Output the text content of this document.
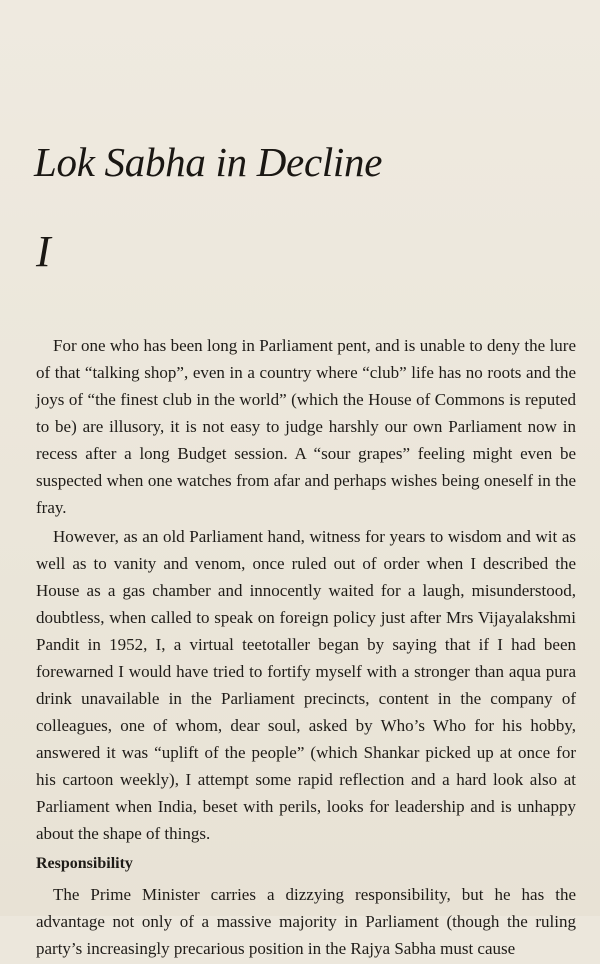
Lok Sabha in Decline
I

For one who has been long in Parliament pent, and is unable to deny the lure of that “talking shop”, even in a country where “club” life has no roots and the joys of “the finest club in the world” (which the House of Commons is reputed to be) are illusory, it is not easy to judge harshly our own Parliament now in recess after a long Budget session. A “sour grapes” feeling might even be suspected when one watches from afar and perhaps wishes being oneself in the fray.

However, as an old Parliament hand, witness for years to wisdom and wit as well as to vanity and venom, once ruled out of order when I described the House as a gas chamber and innocently waited for a laugh, misunderstood, doubtless, when called to speak on foreign policy just after Mrs Vijayalakshmi Pandit in 1952, I, a virtual teetotaller began by saying that if I had been forewarned I would have tried to fortify myself with a stronger than aqua pura drink unavailable in the Parliament precincts, content in the company of colleagues, one of whom, dear soul, asked by Who’s Who for his hobby, answered it was “uplift of the people” (which Shankar picked up at once for his cartoon weekly), I attempt some rapid reflection and a hard look also at Parliament when India, beset with perils, looks for leadership and is unhappy about the shape of things.

Responsibility

The Prime Minister carries a dizzying responsibility, but he has the advantage not only of a massive majority in Parliament (though the ruling party’s increasingly precarious position in the Rajya Sabha must cause
